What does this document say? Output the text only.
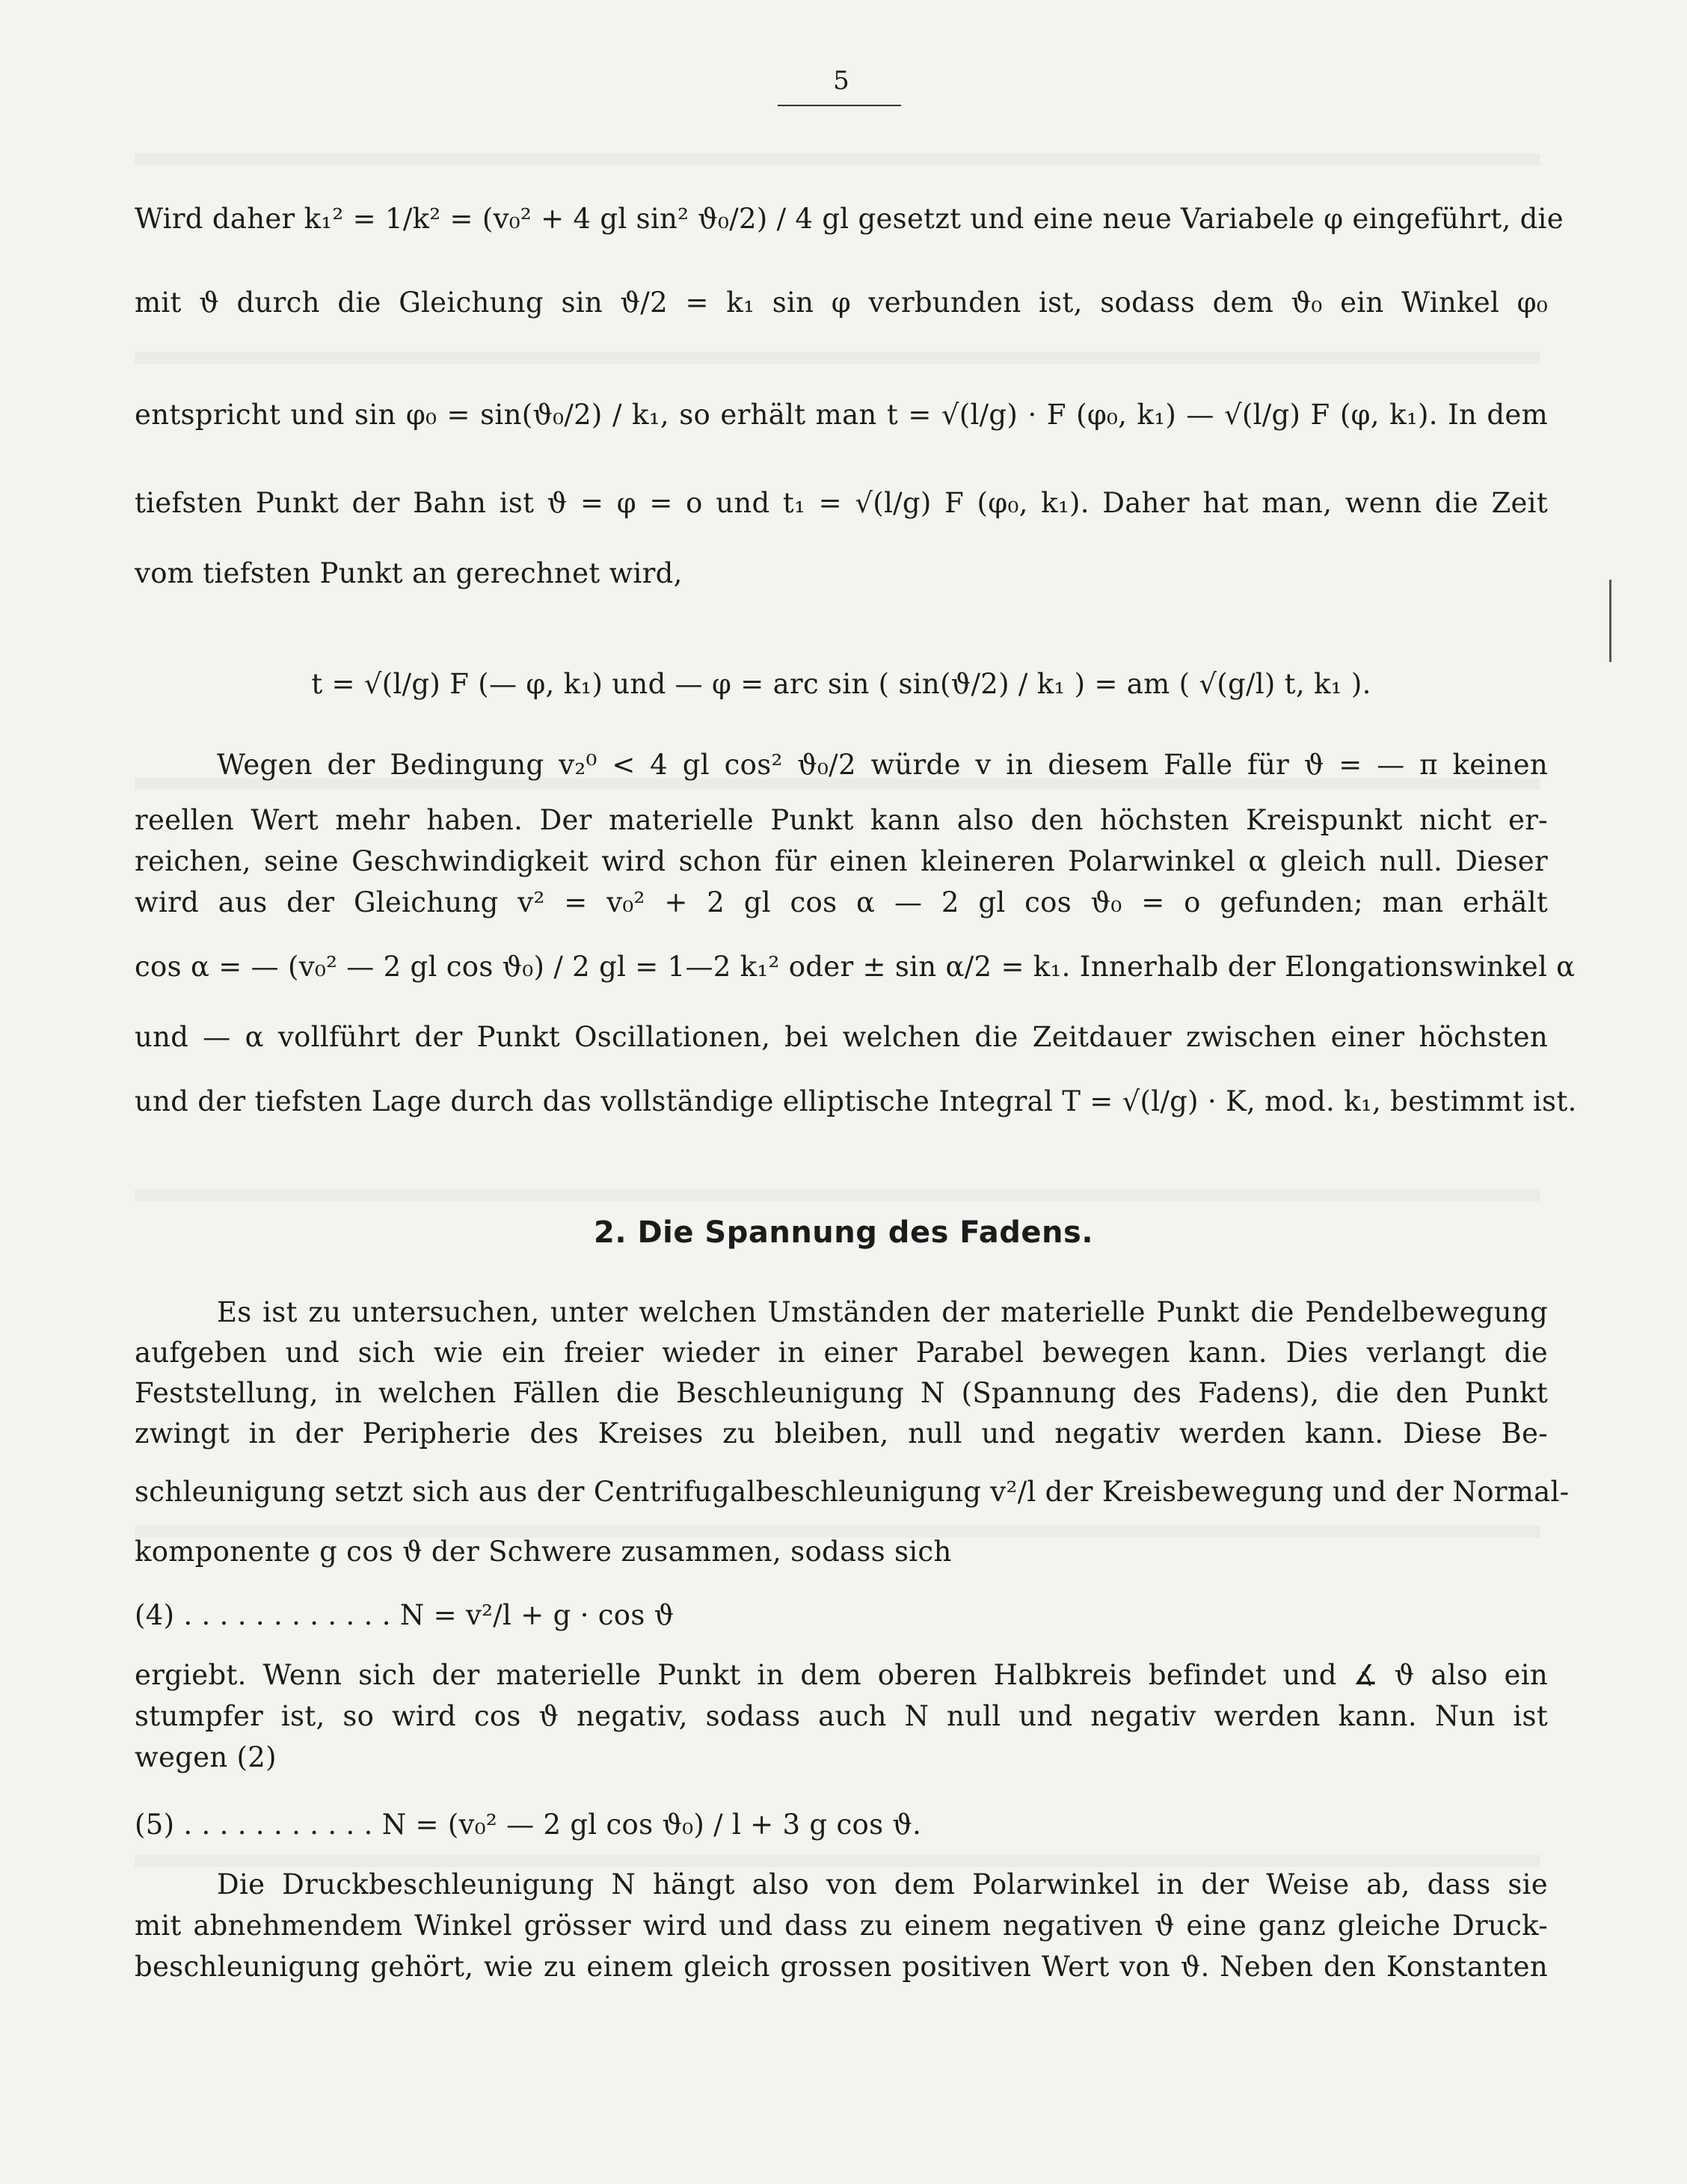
5
Wird daher k₁² = 1/k² = (v₀² + 4 gl sin² ϑ₀/2) / 4 gl gesetzt und eine neue Variabele φ eingeführt, die
mit ϑ durch die Gleichung sin ϑ/2 = k₁ sin φ verbunden ist, sodass dem ϑ₀ ein Winkel φ₀
entspricht und sin φ₀ = sin(ϑ₀/2) / k₁, so erhält man t = √(l/g) · F (φ₀, k₁) — √(l/g) F (φ, k₁). In dem
tiefsten Punkt der Bahn ist ϑ = φ = o und t₁ = √(l/g) F (φ₀, k₁). Daher hat man, wenn die Zeit
vom tiefsten Punkt an gerechnet wird,
t = √(l/g) F (— φ, k₁) und — φ = arc sin ( sin(ϑ/2) / k₁ ) = am ( √(g/l) t, k₁ ).
Wegen der Bedingung v₂⁰ < 4 gl cos² ϑ₀/2 würde v in diesem Falle für ϑ = — π keinen
reellen Wert mehr haben. Der materielle Punkt kann also den höchsten Kreispunkt nicht er-
reichen, seine Geschwindigkeit wird schon für einen kleineren Polarwinkel α gleich null. Dieser
wird aus der Gleichung v² = v₀² + 2 gl cos α — 2 gl cos ϑ₀ = o gefunden; man erhält
cos α = — (v₀² — 2 gl cos ϑ₀) / 2 gl = 1—2 k₁² oder ± sin α/2 = k₁. Innerhalb der Elongationswinkel α
und — α vollführt der Punkt Oscillationen, bei welchen die Zeitdauer zwischen einer höchsten
und der tiefsten Lage durch das vollständige elliptische Integral T = √(l/g) · K, mod. k₁, bestimmt ist.
2. Die Spannung des Fadens.
Es ist zu untersuchen, unter welchen Umständen der materielle Punkt die Pendelbewegung
aufgeben und sich wie ein freier wieder in einer Parabel bewegen kann. Dies verlangt die
Feststellung, in welchen Fällen die Beschleunigung N (Spannung des Fadens), die den Punkt
zwingt in der Peripherie des Kreises zu bleiben, null und negativ werden kann. Diese Be-
schleunigung setzt sich aus der Centrifugalbeschleunigung v²/l der Kreisbewegung und der Normal-
komponente g cos ϑ der Schwere zusammen, sodass sich
(4) . . . . . . . . . . . . N = v²/l + g · cos ϑ
ergiebt. Wenn sich der materielle Punkt in dem oberen Halbkreis befindet und ∡ ϑ also ein
stumpfer ist, so wird cos ϑ negativ, sodass auch N null und negativ werden kann. Nun ist
wegen (2)
(5) . . . . . . . . . . . N = (v₀² — 2 gl cos ϑ₀) / l + 3 g cos ϑ.
Die Druckbeschleunigung N hängt also von dem Polarwinkel in der Weise ab, dass sie
mit abnehmendem Winkel grösser wird und dass zu einem negativen ϑ eine ganz gleiche Druck-
beschleunigung gehört, wie zu einem gleich grossen positiven Wert von ϑ. Neben den Konstanten
